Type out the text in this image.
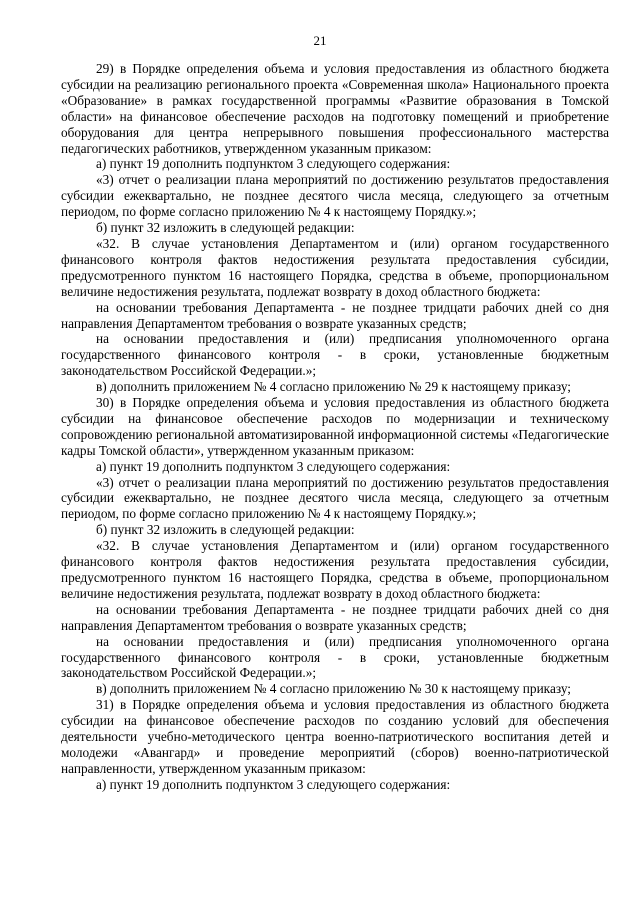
21

29) в Порядке определения объема и условия предоставления из областного бюджета субсидии на реализацию регионального проекта «Современная школа» Национального проекта «Образование» в рамках государственной программы «Развитие образования в Томской области» на финансовое обеспечение расходов на подготовку помещений и приобретение оборудования для центра непрерывного повышения профессионального мастерства педагогических работников, утвержденном указанным приказом:

а) пункт 19 дополнить подпунктом 3 следующего содержания:

«3) отчет о реализации плана мероприятий по достижению результатов предоставления субсидии ежеквартально, не позднее десятого числа месяца, следующего за отчетным периодом, по форме согласно приложению № 4 к настоящему Порядку.»;

б) пункт 32 изложить в следующей редакции:

«32. В случае установления Департаментом и (или) органом государственного финансового контроля фактов недостижения результата предоставления субсидии, предусмотренного пунктом 16 настоящего Порядка, средства в объеме, пропорциональном величине недостижения результата, подлежат возврату в доход областного бюджета:

на основании требования Департамента - не позднее тридцати рабочих дней со дня направления Департаментом требования о возврате указанных средств;

на основании предоставления и (или) предписания уполномоченного органа государственного финансового контроля - в сроки, установленные бюджетным законодательством Российской Федерации.»;

в) дополнить приложением № 4 согласно приложению № 29 к настоящему приказу;

30) в Порядке определения объема и условия предоставления из областного бюджета субсидии на финансовое обеспечение расходов по модернизации и техническому сопровождению региональной автоматизированной информационной системы «Педагогические кадры Томской области», утвержденном указанным приказом:

а) пункт 19 дополнить подпунктом 3 следующего содержания:

«3) отчет о реализации плана мероприятий по достижению результатов предоставления субсидии ежеквартально, не позднее десятого числа месяца, следующего за отчетным периодом, по форме согласно приложению № 4 к настоящему Порядку.»;

б) пункт 32 изложить в следующей редакции:

«32. В случае установления Департаментом и (или) органом государственного финансового контроля фактов недостижения результата предоставления субсидии, предусмотренного пунктом 16 настоящего Порядка, средства в объеме, пропорциональном величине недостижения результата, подлежат возврату в доход областного бюджета:

на основании требования Департамента - не позднее тридцати рабочих дней со дня направления Департаментом требования о возврате указанных средств;

на основании предоставления и (или) предписания уполномоченного органа государственного финансового контроля - в сроки, установленные бюджетным законодательством Российской Федерации.»;

в) дополнить приложением № 4 согласно приложению № 30 к настоящему приказу;

31) в Порядке определения объема и условия предоставления из областного бюджета субсидии на финансовое обеспечение расходов по созданию условий для обеспечения деятельности учебно-методического центра военно-патриотического воспитания детей и молодежи «Авангард» и проведение мероприятий (сборов) военно-патриотической направленности, утвержденном указанным приказом:

а) пункт 19 дополнить подпунктом 3 следующего содержания:
